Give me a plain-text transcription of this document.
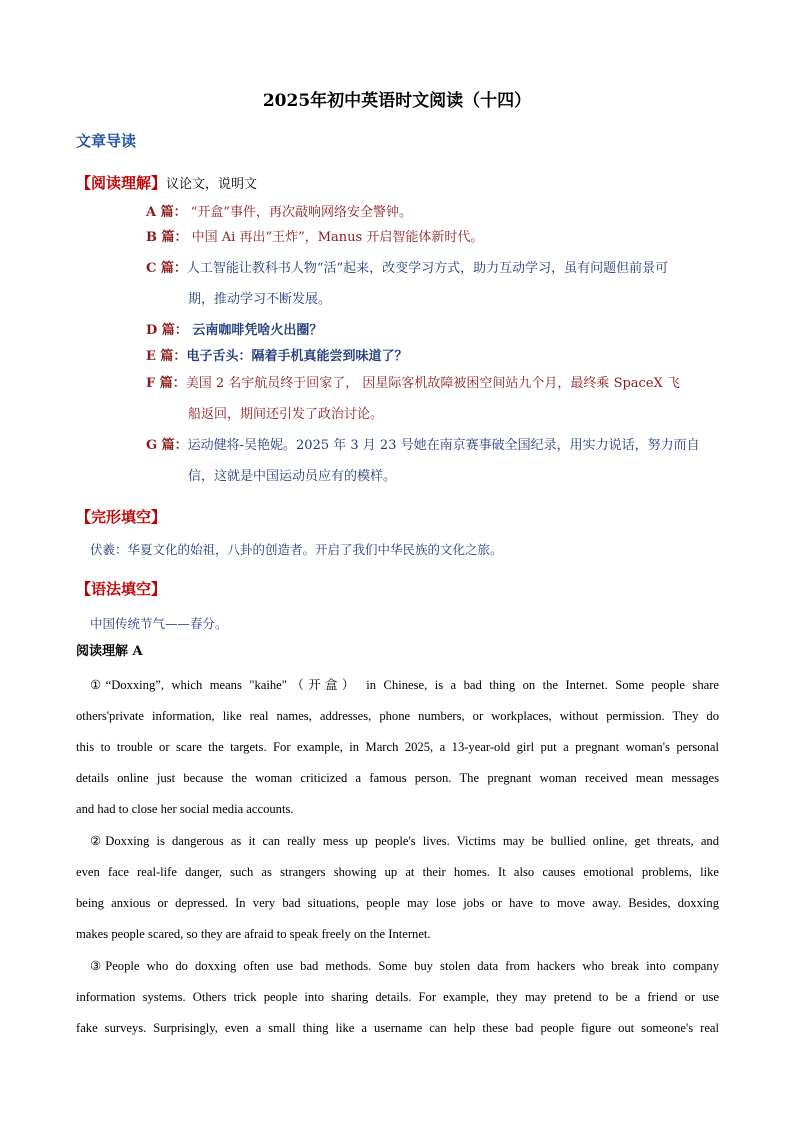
2025年初中英语时文阅读（十四）
文章导读
【阅读理解】议论文，说明文
A 篇： “开盒”事件，再次敲响网络安全警钟。
B 篇： 中国 Ai 再出“王炸”，Manus 开启智能体新时代。
C 篇：人工智能让教科书人物“活”起来，改变学习方式，助力互动学习，虽有问题但前景可
期，推动学习不断发展。
D 篇： 云南咖啡凭啥火出圈？
E 篇：电子舌头：隔着手机真能尝到味道了？
F 篇：美国 2 名宇航员终于回家了， 因星际客机故障被困空间站九个月，最终乘 SpaceX 飞
船返回，期间还引发了政治讨论。
G 篇：运动健将-吴艳妮。2025 年 3 月 23 号她在南京赛事破全国纪录，用实力说话，努力而自
信，这就是中国运动员应有的模样。
【完形填空】
伏羲：华夏文化的始祖，八卦的创造者。开启了我们中华民族的文化之旅。
【语法填空】
中国传统节气——春分。
阅读理解 A
①“Doxxing”, which means "kaihe"（开盒） in Chinese, is a bad thing on the Internet. Some people share
others'private information, like real names, addresses, phone numbers, or workplaces, without permission. They do
this to trouble or scare the targets. For example, in March 2025, a 13-year-old girl put a pregnant woman's personal
details online just because the woman criticized a famous person. The pregnant woman received mean messages
and had to close her social media accounts.
②Doxxing is dangerous as it can really mess up people's lives. Victims may be bullied online, get threats, and
even face real-life danger, such as strangers showing up at their homes. It also causes emotional problems, like
being anxious or depressed. In very bad situations, people may lose jobs or have to move away. Besides, doxxing
makes people scared, so they are afraid to speak freely on the Internet.
③People who do doxxing often use bad methods. Some buy stolen data from hackers who break into company
information systems. Others trick people into sharing details. For example, they may pretend to be a friend or use
fake surveys. Surprisingly, even a small thing like a username can help these bad people figure out someone's real
